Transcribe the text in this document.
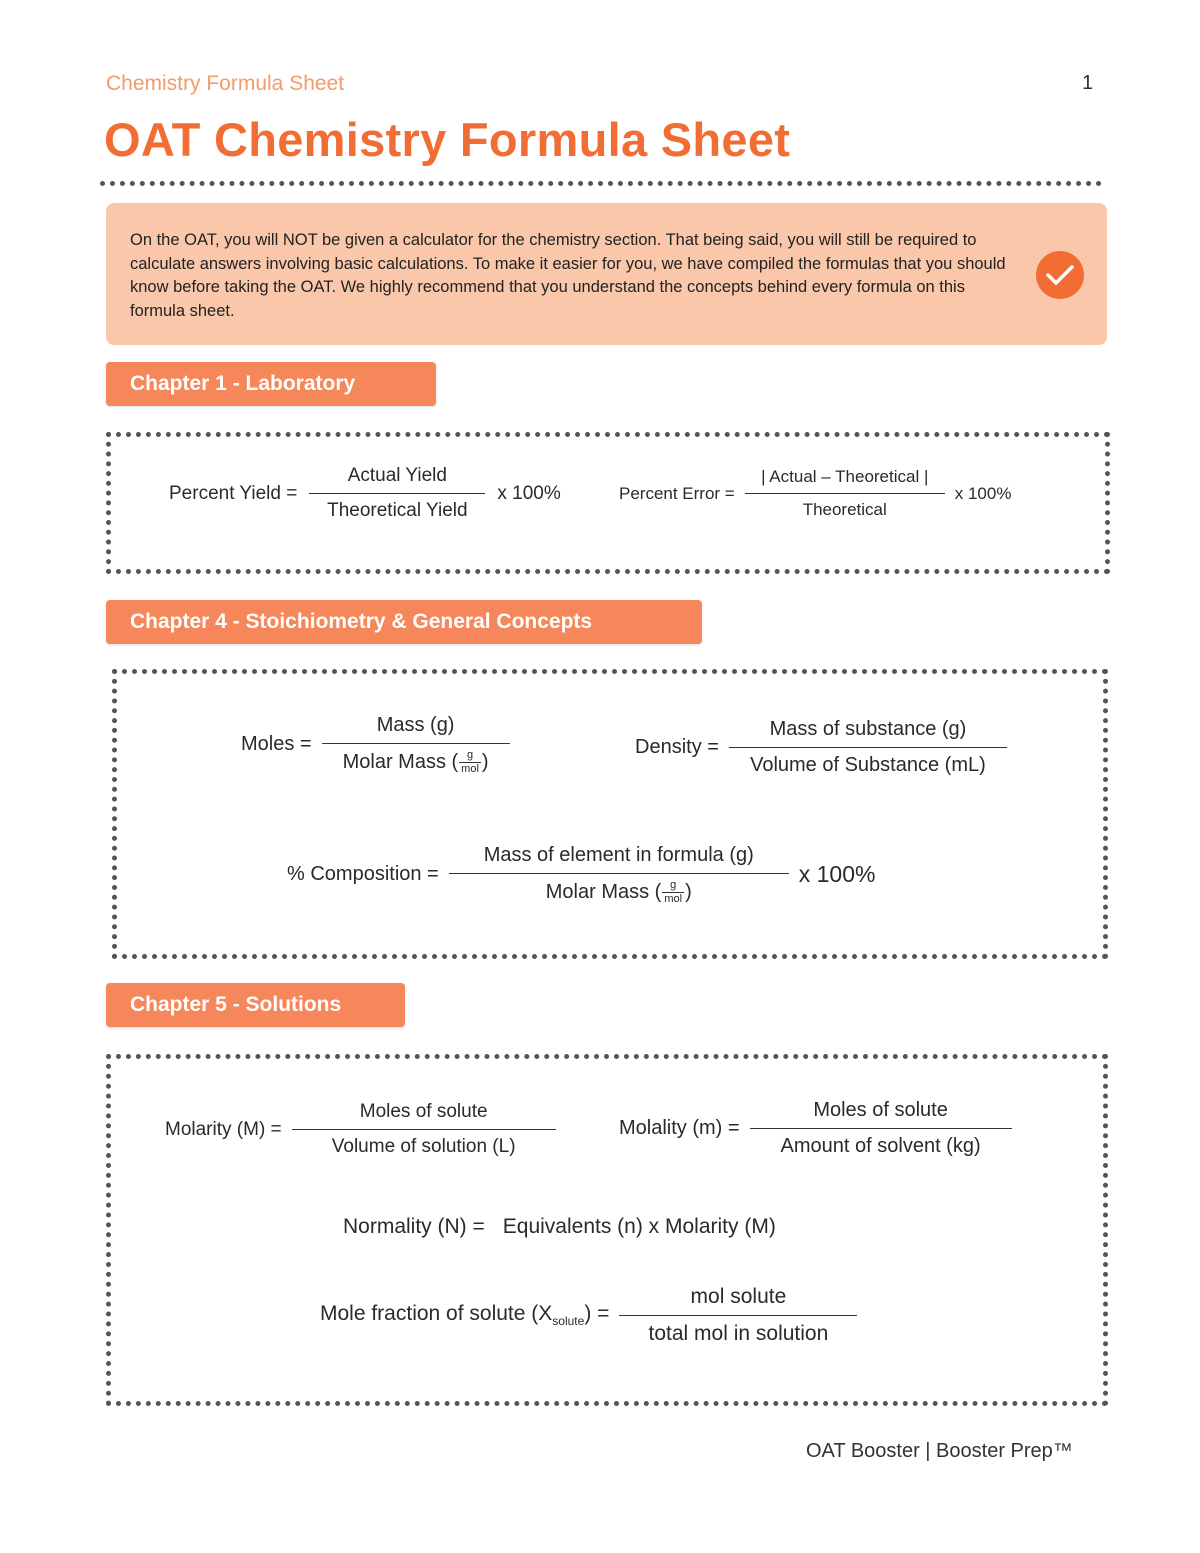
Chemistry Formula Sheet	1
OAT Chemistry Formula Sheet

On the OAT, you will NOT be given a calculator for the chemistry section. That being said, you will still be required to calculate answers involving basic calculations. To make it easier for you, we have compiled the formulas that you should know before taking the OAT. We highly recommend that you understand the concepts behind every formula on this formula sheet.

Chapter 1 - Laboratory
Percent Yield = $\frac{\text{Actual Yield}}{\text{Theoretical Yield}}$ x 100%	Percent Error = $\frac{\text{| Actual – Theoretical |}}{\text{Theoretical}}$ x 100%
Chapter 4 - Stoichiometry & General Concepts
Moles = Mass (g)
Molar Mass ( g
mol )	Density = $\frac{\text{Mass of substance (g)}}{\text{Volume of Substance (mL)}}$
% Composition = Mass of element in formula (g)
Molar Mass ( g
mol ) x 100%
Chapter 5 - Solutions
Molarity $(M) = \frac{\text{Moles of solute}}{\text{Volume of solution (L)}}$	Molality $(m) = \frac{\text{Moles of solute}}{\text{Amount of solvent (kg)}}$
Normality (N) = Equivalents (n) x Molarity (M)
Mole fraction of solute $(X_{solute}) = \frac{\text{mol solute}}{\text{total mol in solution}}$
OAT Booster | Booster Prep™
